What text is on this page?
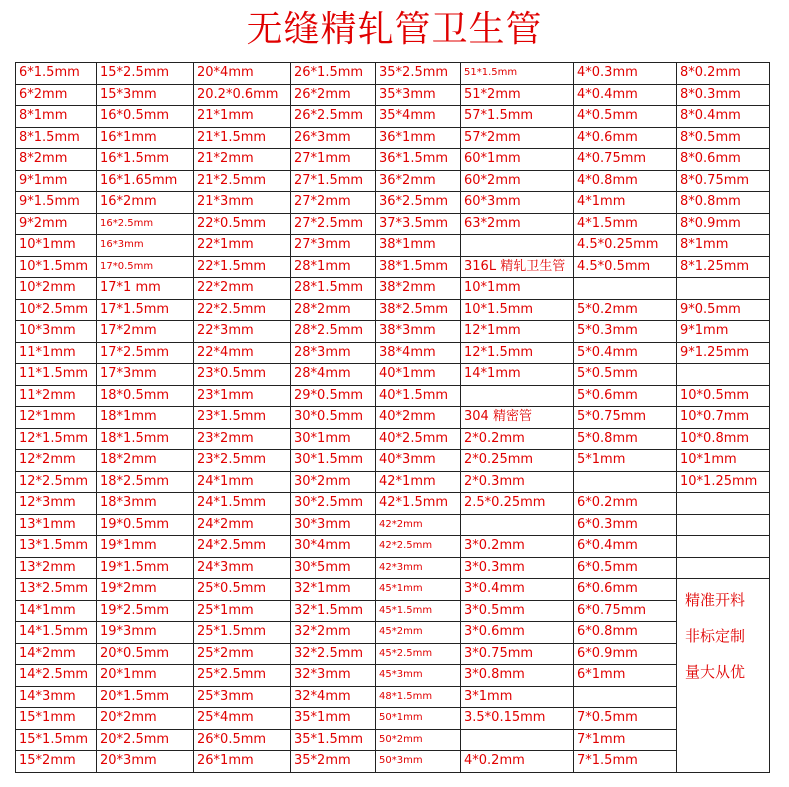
无缝精轧管卫生管
6*1.5mm	15*2.5mm	20*4mm	26*1.5mm	35*2.5mm	51*1.5mm	4*0.3mm	8*0.2mm
6*2mm	15*3mm	20.2*0.6mm	26*2mm	35*3mm	51*2mm	4*0.4mm	8*0.3mm
8*1mm	16*0.5mm	21*1mm	26*2.5mm	35*4mm	57*1.5mm	4*0.5mm	8*0.4mm
8*1.5mm	16*1mm	21*1.5mm	26*3mm	36*1mm	57*2mm	4*0.6mm	8*0.5mm
8*2mm	16*1.5mm	21*2mm	27*1mm	36*1.5mm	60*1mm	4*0.75mm	8*0.6mm
9*1mm	16*1.65mm	21*2.5mm	27*1.5mm	36*2mm	60*2mm	4*0.8mm	8*0.75mm
9*1.5mm	16*2mm	21*3mm	27*2mm	36*2.5mm	60*3mm	4*1mm	8*0.8mm
9*2mm	16*2.5mm	22*0.5mm	27*2.5mm	37*3.5mm	63*2mm	4*1.5mm	8*0.9mm
10*1mm	16*3mm	22*1mm	27*3mm	38*1mm		4.5*0.25mm	8*1mm
10*1.5mm	17*0.5mm	22*1.5mm	28*1mm	38*1.5mm	316L 精轧卫生管	4.5*0.5mm	8*1.25mm
10*2mm	17*1 mm	22*2mm	28*1.5mm	38*2mm	10*1mm		
10*2.5mm	17*1.5mm	22*2.5mm	28*2mm	38*2.5mm	10*1.5mm	5*0.2mm	9*0.5mm
10*3mm	17*2mm	22*3mm	28*2.5mm	38*3mm	12*1mm	5*0.3mm	9*1mm
11*1mm	17*2.5mm	22*4mm	28*3mm	38*4mm	12*1.5mm	5*0.4mm	9*1.25mm
11*1.5mm	17*3mm	23*0.5mm	28*4mm	40*1mm	14*1mm	5*0.5mm	
11*2mm	18*0.5mm	23*1mm	29*0.5mm	40*1.5mm		5*0.6mm	10*0.5mm
12*1mm	18*1mm	23*1.5mm	30*0.5mm	40*2mm	304 精密管	5*0.75mm	10*0.7mm
12*1.5mm	18*1.5mm	23*2mm	30*1mm	40*2.5mm	2*0.2mm	5*0.8mm	10*0.8mm
12*2mm	18*2mm	23*2.5mm	30*1.5mm	40*3mm	2*0.25mm	5*1mm	10*1mm
12*2.5mm	18*2.5mm	24*1mm	30*2mm	42*1mm	2*0.3mm		10*1.25mm
12*3mm	18*3mm	24*1.5mm	30*2.5mm	42*1.5mm	2.5*0.25mm	6*0.2mm	
13*1mm	19*0.5mm	24*2mm	30*3mm	42*2mm		6*0.3mm	
13*1.5mm	19*1mm	24*2.5mm	30*4mm	42*2.5mm	3*0.2mm	6*0.4mm	
13*2mm	19*1.5mm	24*3mm	30*5mm	42*3mm	3*0.3mm	6*0.5mm	
13*2.5mm	19*2mm	25*0.5mm	32*1mm	45*1mm	3*0.4mm	6*0.6mm	精准开料
非标定制
量大从优

14*1mm	19*2.5mm	25*1mm	32*1.5mm	45*1.5mm	3*0.5mm	6*0.75mm	
14*1.5mm	19*3mm	25*1.5mm	32*2mm	45*2mm	3*0.6mm	6*0.8mm	
14*2mm	20*0.5mm	25*2mm	32*2.5mm	45*2.5mm	3*0.75mm	6*0.9mm	
14*2.5mm	20*1mm	25*2.5mm	32*3mm	45*3mm	3*0.8mm	6*1mm	
14*3mm	20*1.5mm	25*3mm	32*4mm	48*1.5mm	3*1mm		
15*1mm	20*2mm	25*4mm	35*1mm	50*1mm	3.5*0.15mm	7*0.5mm	
15*1.5mm	20*2.5mm	26*0.5mm	35*1.5mm	50*2mm		7*1mm	
15*2mm	20*3mm	26*1mm	35*2mm	50*3mm	4*0.2mm	7*1.5mm	
